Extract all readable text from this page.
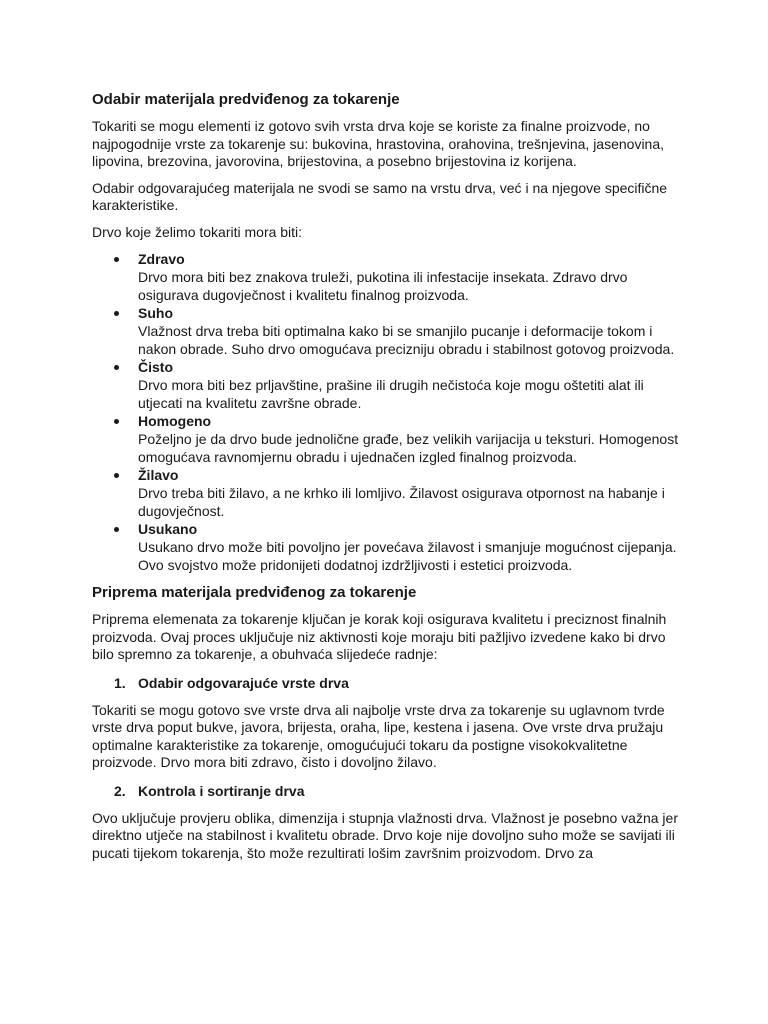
Odabir materijala predviđenog za tokarenje

Tokariti se mogu elementi iz gotovo svih vrsta drva koje se koriste za finalne proizvode, no najpogodnije vrste za tokarenje su: bukovina, hrastovina, orahovina, trešnjevina, jasenovina, lipovina, brezovina, javorovina, brijestovina, a posebno brijestovina iz korijena.

Odabir odgovarajućeg materijala ne svodi se samo na vrstu drva, već i na njegove specifične karakteristike.

Drvo koje želimo tokariti mora biti:

Zdravo
Drvo mora biti bez znakova truleži, pukotina ili infestacije insekata. Zdravo drvo osigurava dugovječnost i kvalitetu finalnog proizvoda.
Suho
Vlažnost drva treba biti optimalna kako bi se smanjilo pucanje i deformacije tokom i nakon obrade. Suho drvo omogućava precizniju obradu i stabilnost gotovog proizvoda.
Čisto
Drvo mora biti bez prljavštine, prašine ili drugih nečistoća koje mogu oštetiti alat ili utjecati na kvalitetu završne obrade.
Homogeno
Poželjno je da drvo bude jednolične građe, bez velikih varijacija u teksturi. Homogenost omogućava ravnomjernu obradu i ujednačen izgled finalnog proizvoda.
Žilavo
Drvo treba biti žilavo, a ne krhko ili lomljivo. Žilavost osigurava otpornost na habanje i dugovječnost.
Usukano
Usukano drvo može biti povoljno jer povećava žilavost i smanjuje mogućnost cijepanja. Ovo svojstvo može pridonijeti dodatnoj izdržljivosti i estetici proizvoda.
Priprema materijala predviđenog za tokarenje

Priprema elemenata za tokarenje ključan je korak koji osigurava kvalitetu i preciznost finalnih proizvoda. Ovaj proces uključuje niz aktivnosti koje moraju biti pažljivo izvedene kako bi drvo bilo spremno za tokarenje, a obuhvaća slijedeće radnje:

1. Odabir odgovarajuće vrste drva

Tokariti se mogu gotovo sve vrste drva ali najbolje vrste drva za tokarenje su uglavnom tvrde vrste drva poput bukve, javora, brijesta, oraha, lipe, kestena i jasena. Ove vrste drva pružaju optimalne karakteristike za tokarenje, omogućujući tokaru da postigne visokokvalitetne proizvode. Drvo mora biti zdravo, čisto i dovoljno žilavo.

2. Kontrola i sortiranje drva

Ovo uključuje provjeru oblika, dimenzija i stupnja vlažnosti drva. Vlažnost je posebno važna jer direktno utječe na stabilnost i kvalitetu obrade. Drvo koje nije dovoljno suho može se savijati ili pucati tijekom tokarenja, što može rezultirati lošim završnim proizvodom. Drvo za
